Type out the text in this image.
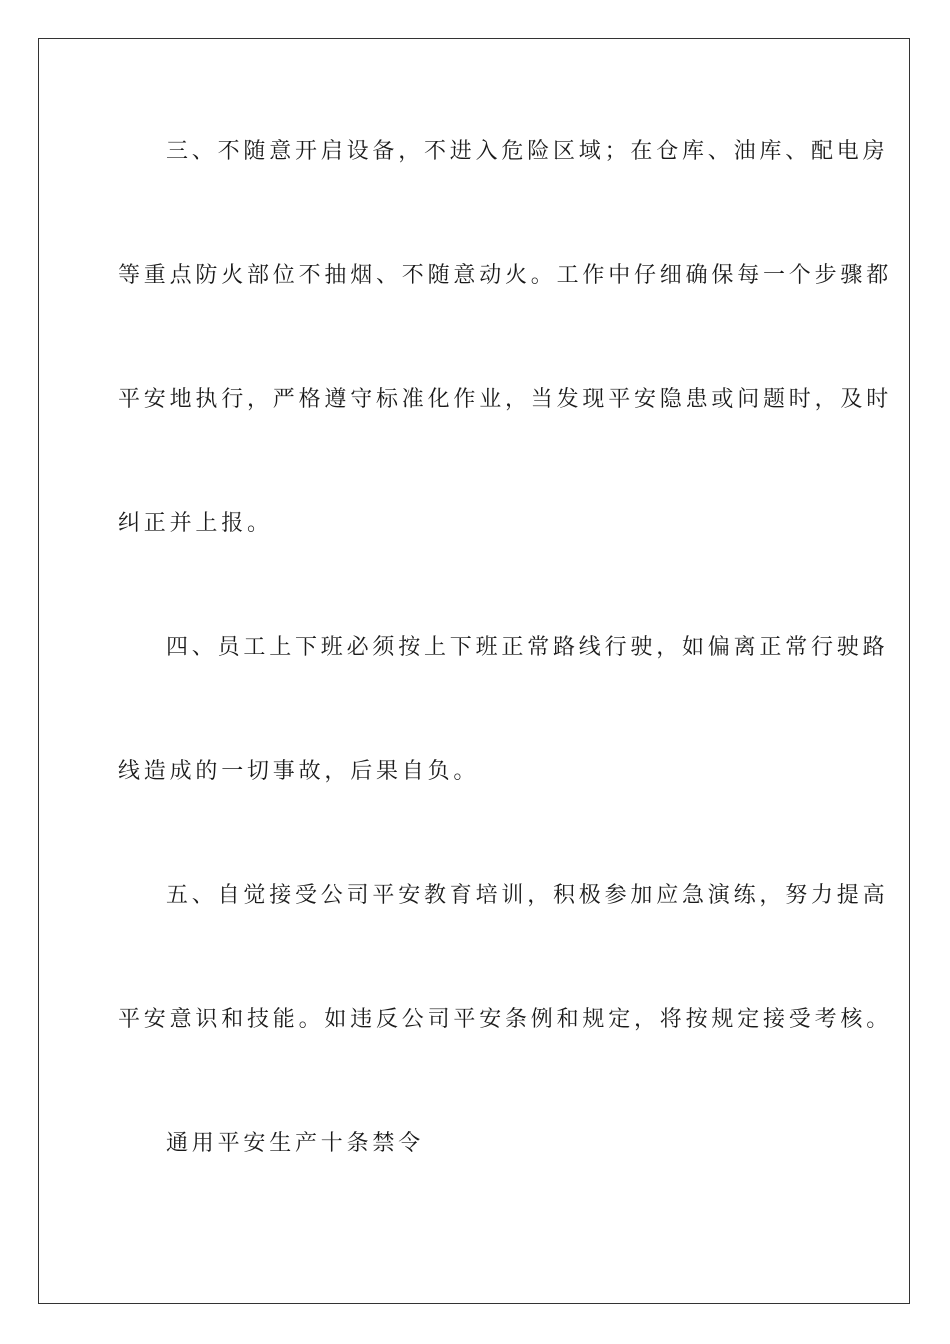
三、不随意开启设备，不进入危险区域；在仓库、油库、配电房
等重点防火部位不抽烟、不随意动火。工作中仔细确保每一个步骤都
平安地执行，严格遵守标准化作业，当发现平安隐患或问题时，及时
纠正并上报。
四、员工上下班必须按上下班正常路线行驶，如偏离正常行驶路
线造成的一切事故，后果自负。
五、自觉接受公司平安教育培训，积极参加应急演练，努力提高
平安意识和技能。如违反公司平安条例和规定，将按规定接受考核。
通用平安生产十条禁令
